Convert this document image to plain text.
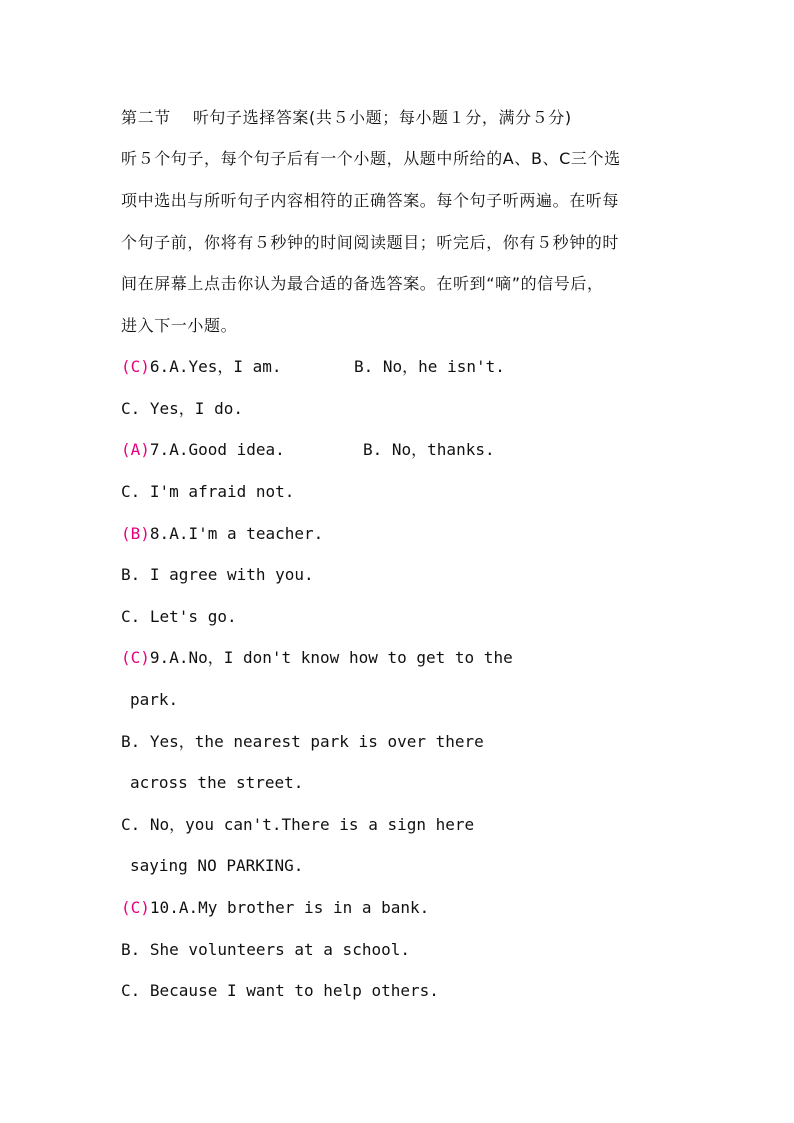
第二节 听句子选择答案(共５小题；每小题１分，满分５分)
听５个句子，每个句子后有一个小题，从题中所给的A、B、C三个选
项中选出与所听句子内容相符的正确答案。每个句子听两遍。在听每
个句子前，你将有５秒钟的时间阅读题目；听完后，你有５秒钟的时
间在屏幕上点击你认为最合适的备选答案。在听到“嘀”的信号后，
进入下一小题。
(C)6.A.Yes，I am.	B. No，he isn't.
C. Yes，I do.
(A)7.A.Good idea.	B. No，thanks.
C. I'm afraid not.
(B)8.A.I'm a teacher.
B. I agree with you.
C. Let's go.
(C)9.A.No，I don't know how to get to the
park.
B. Yes，the nearest park is over there
across the street.
C. No，you can't.There is a sign here
saying NO PARKING.
(C)10.A.My brother is in a bank.
B. She volunteers at a school.
C. Because I want to help others.
